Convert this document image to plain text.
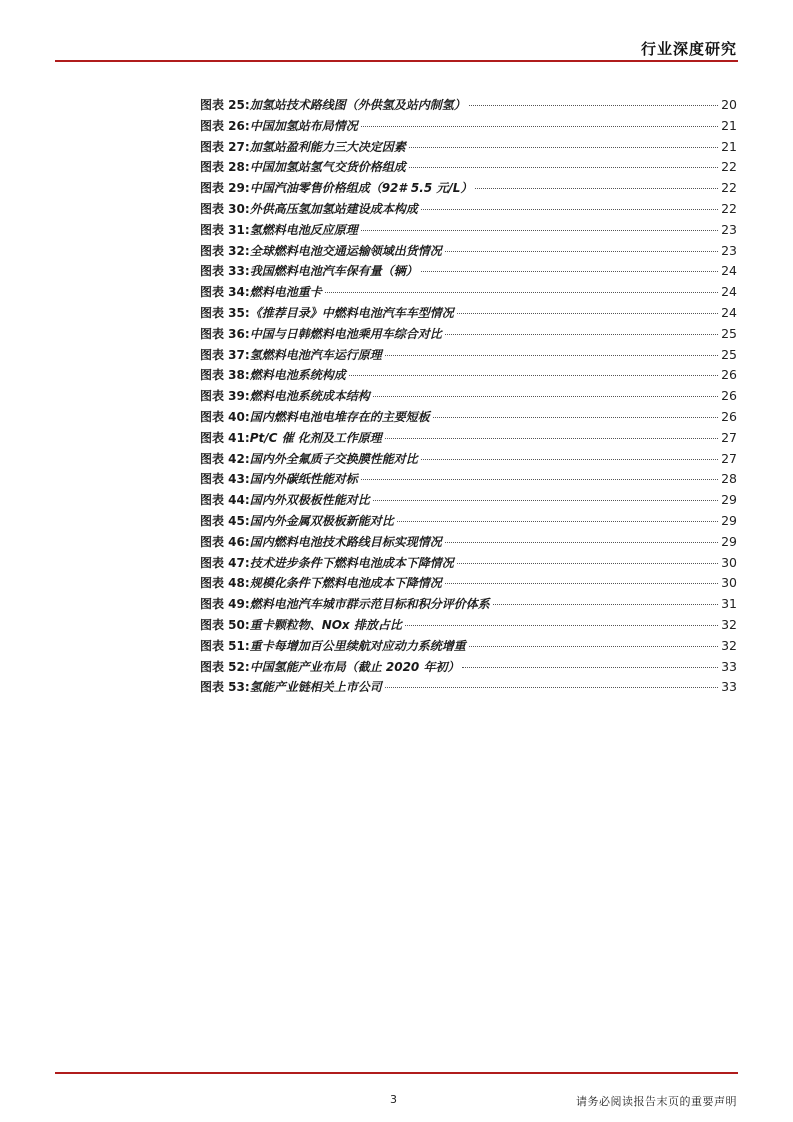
行业深度研究
图表 25: 加氢站技术路线图（外供氢及站内制氢）	20
图表 26: 中国加氢站布局情况	21
图表 27: 加氢站盈利能力三大决定因素	21
图表 28: 中国加氢站氢气交货价格组成	22
图表 29: 中国汽油零售价格组成（92# 5.5 元/L）	22
图表 30: 外供高压氢加氢站建设成本构成	22
图表 31: 氢燃料电池反应原理	23
图表 32: 全球燃料电池交通运输领域出货情况	23
图表 33: 我国燃料电池汽车保有量（辆）	24
图表 34: 燃料电池重卡	24
图表 35: 《推荐目录》中燃料电池汽车车型情况	24
图表 36: 中国与日韩燃料电池乘用车综合对比	25
图表 37: 氢燃料电池汽车运行原理	25
图表 38: 燃料电池系统构成	26
图表 39: 燃料电池系统成本结构	26
图表 40: 国内燃料电池电堆存在的主要短板	26
图表 41: Pt/C 催 化剂及工作原理	27
图表 42: 国内外全氟质子交换膜性能对比	27
图表 43: 国内外碳纸性能对标	28
图表 44: 国内外双极板性能对比	29
图表 45: 国内外金属双极板新能对比	29
图表 46: 国内燃料电池技术路线目标实现情况	29
图表 47: 技术进步条件下燃料电池成本下降情况	30
图表 48: 规模化条件下燃料电池成本下降情况	30
图表 49: 燃料电池汽车城市群示范目标和积分评价体系	31
图表 50: 重卡颗粒物、NOx 排放占比	32
图表 51: 重卡每增加百公里续航对应动力系统增重	32
图表 52: 中国氢能产业布局（截止 2020 年初）	33
图表 53: 氢能产业链相关上市公司	33
3	请务必阅读报告末页的重要声明
